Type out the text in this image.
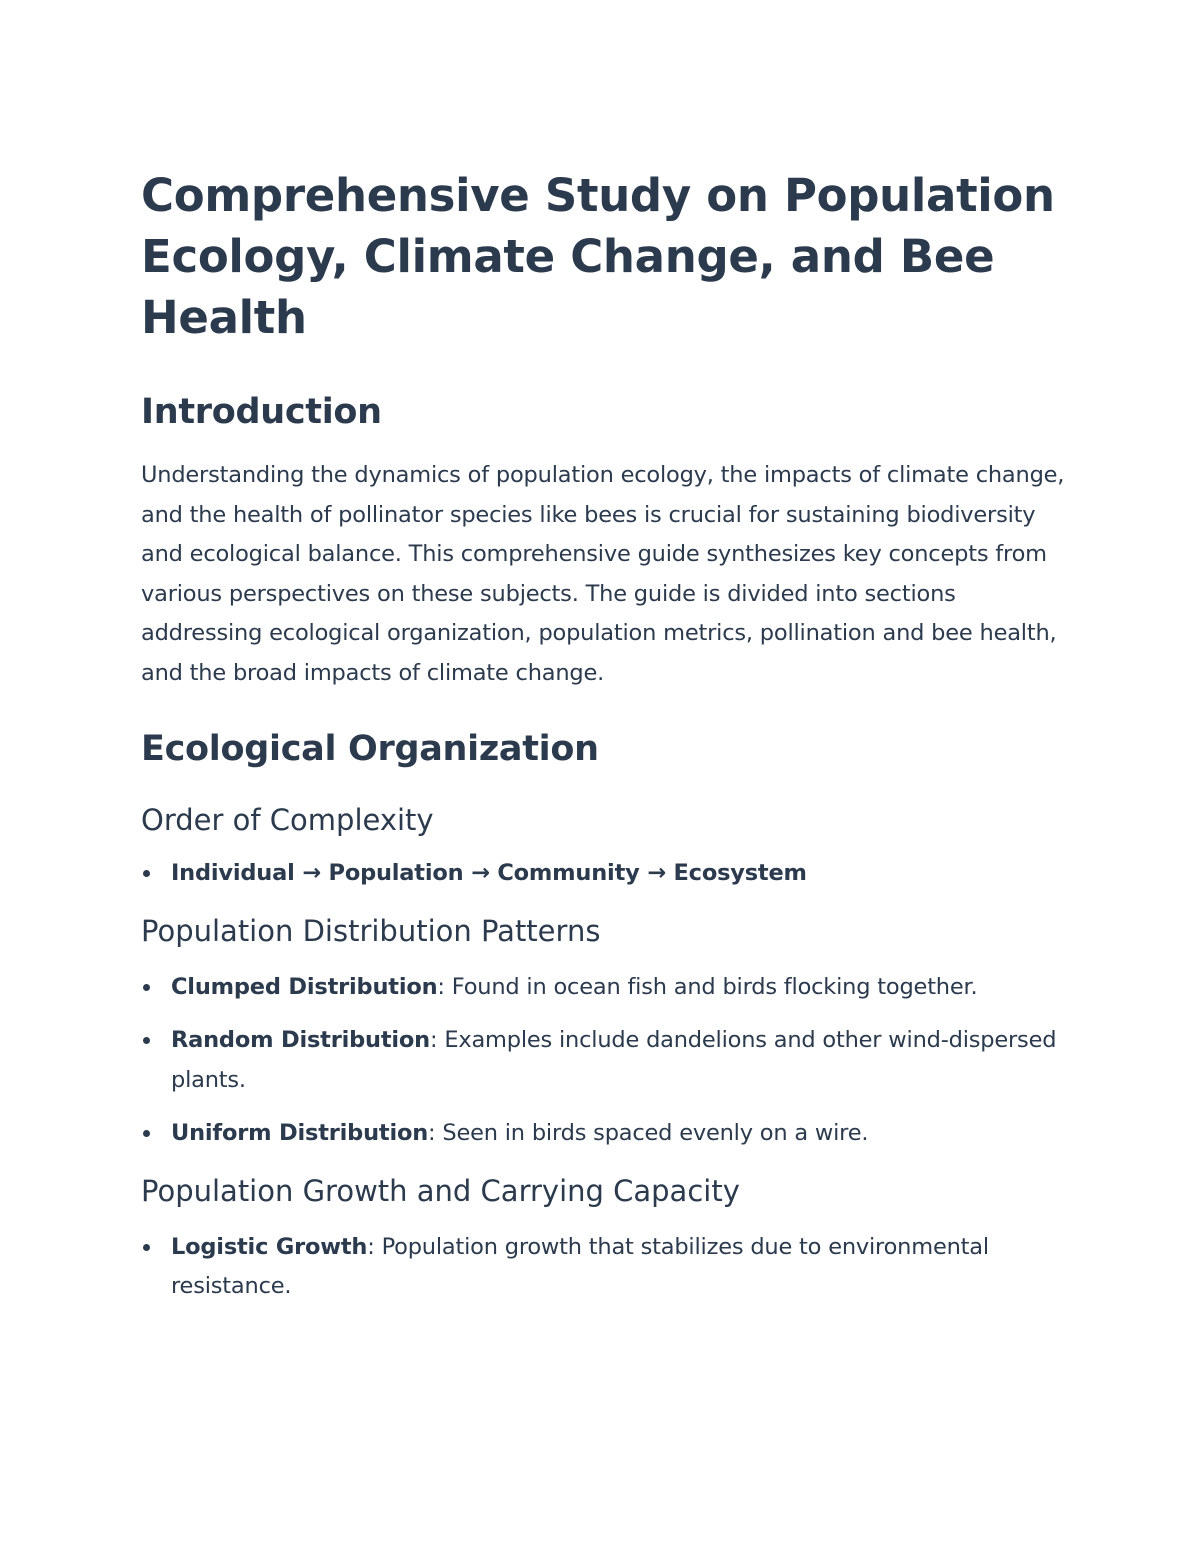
Comprehensive Study on Population Ecology, Climate Change, and Bee Health
Introduction

Understanding the dynamics of population ecology, the impacts of climate change, and the health of pollinator species like bees is crucial for sustaining biodiversity and ecological balance. This comprehensive guide synthesizes key concepts from various perspectives on these subjects. The guide is divided into sections addressing ecological organization, population metrics, pollination and bee health, and the broad impacts of climate change.

Ecological Organization
Order of Complexity
Individual → Population → Community → Ecosystem
Population Distribution Patterns
Clumped Distribution: Found in ocean fish and birds flocking together.
Random Distribution: Examples include dandelions and other wind-dispersed plants.
Uniform Distribution: Seen in birds spaced evenly on a wire.
Population Growth and Carrying Capacity
Logistic Growth: Population growth that stabilizes due to environmental resistance.
